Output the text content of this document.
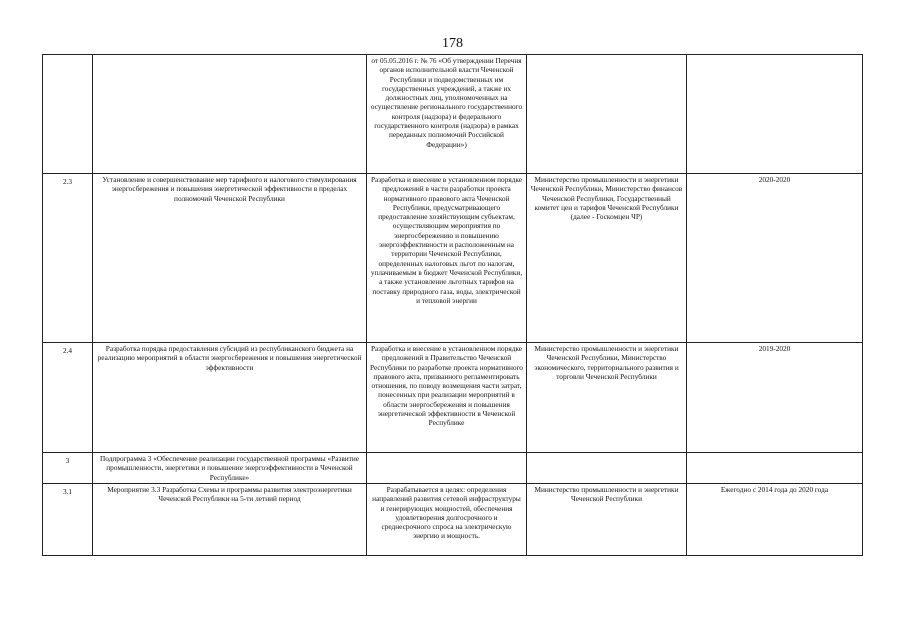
178
		от 05.05.2016 г. № 76 «Об утверждении Перечня органов исполнительной власти Чеченской Республики и подведомственных им государственных учреждений, а также их должностных лиц, уполномоченных на осуществление регионального государственного контроля (надзора) и федерального государственного контроля (надзора) в рамках переданных полномочий Российской Федерации»)		
2.3	Установление и совершенствование мер тарифного и налогового стимулирования энергосбережения и повышения энергетической эффективности в пределах полномочий Чеченской Республики	Разработка и внесение в установленном порядке предложений в части разработки проекта нормативного правового акта Чеченской Республики, предусматривающего предоставление хозяйствующим субъектам, осуществляющим мероприятия по энергосбережению и повышению энергоэффективности и расположенным на территории Чеченской Республики, определенных налоговых льгот по налогам, уплачиваемым в бюджет Чеченской Республики, а также установление льготных тарифов на поставку природного газа, воды, электрической и тепловой энергии	Министерство промышленности и энергетики Чеченской Республики, Министерство финансов Чеченской Республики, Государственный комитет цен и тарифов Чеченской Республики (далее - Госкомцен ЧР)	2020-2020
2.4	Разработка порядка предоставления субсидий из республиканского бюджета на реализацию мероприятий в области энергосбережения и повышения энергетической эффективности	Разработка и внесение в установленном порядке предложений в Правительство Чеченской Республики по разработке проекта нормативного правового акта, призванного регламентировать отношения, по поводу возмещения части затрат, понесенных при реализации мероприятий в области энергосбережения и повышения энергетической эффективности в Чеченской Республике	Министерство промышленности и энергетики Чеченской Республики, Министерство экономического, территориального развития и торговли Чеченской Республики	2019-2020
3	Подпрограмма 3 «Обеспечение реализации государственной программы «Развитие промышленности, энергетики и повышение энергоэффективности в Чеченской Республике»			
3.1	Мероприятие 3.3 Разработка Схемы и программы развития электроэнергетики Чеченской Республики на 5-ти летний период	Разрабатывается в целях: определения направлений развития сетевой инфраструктуры и генерирующих мощностей, обеспечения удовлетворения долгосрочного и среднесрочного спроса на электрическую энергию и мощность.	Министерство промышленности и энергетики Чеченской Республики	Ежегодно с 2014 года до 2020 года
